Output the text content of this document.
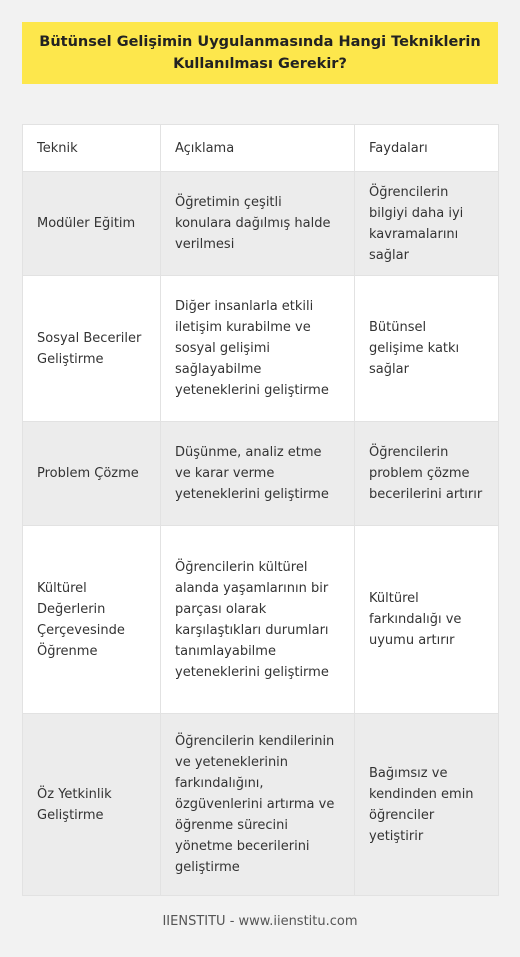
Bütünsel Gelişimin Uygulanmasında Hangi Tekniklerin Kullanılması Gerekir?
Teknik	Açıklama	Faydaları
Modüler Eğitim	Öğretimin çeşitli konulara dağılmış halde verilmesi	Öğrencilerin bilgiyi daha iyi kavramalarını sağlar
Sosyal Beceriler Geliştirme	Diğer insanlarla etkili iletişim kurabilme ve sosyal gelişimi sağlayabilme yeteneklerini geliştirme	Bütünsel gelişime katkı sağlar
Problem Çözme	Düşünme, analiz etme ve karar verme yeteneklerini geliştirme	Öğrencilerin problem çözme becerilerini artırır
Kültürel Değerlerin Çerçevesinde Öğrenme	Öğrencilerin kültürel alanda yaşamlarının bir parçası olarak karşılaştıkları durumları tanımlayabilme yeteneklerini geliştirme	Kültürel farkındalığı ve uyumu artırır
Öz Yetkinlik Geliştirme	Öğrencilerin kendilerinin ve yeteneklerinin farkındalığını, özgüvenlerini artırma ve öğrenme sürecini yönetme becerilerini geliştirme	Bağımsız ve kendinden emin öğrenciler yetiştirir
IIENSTITU - www.iienstitu.com
